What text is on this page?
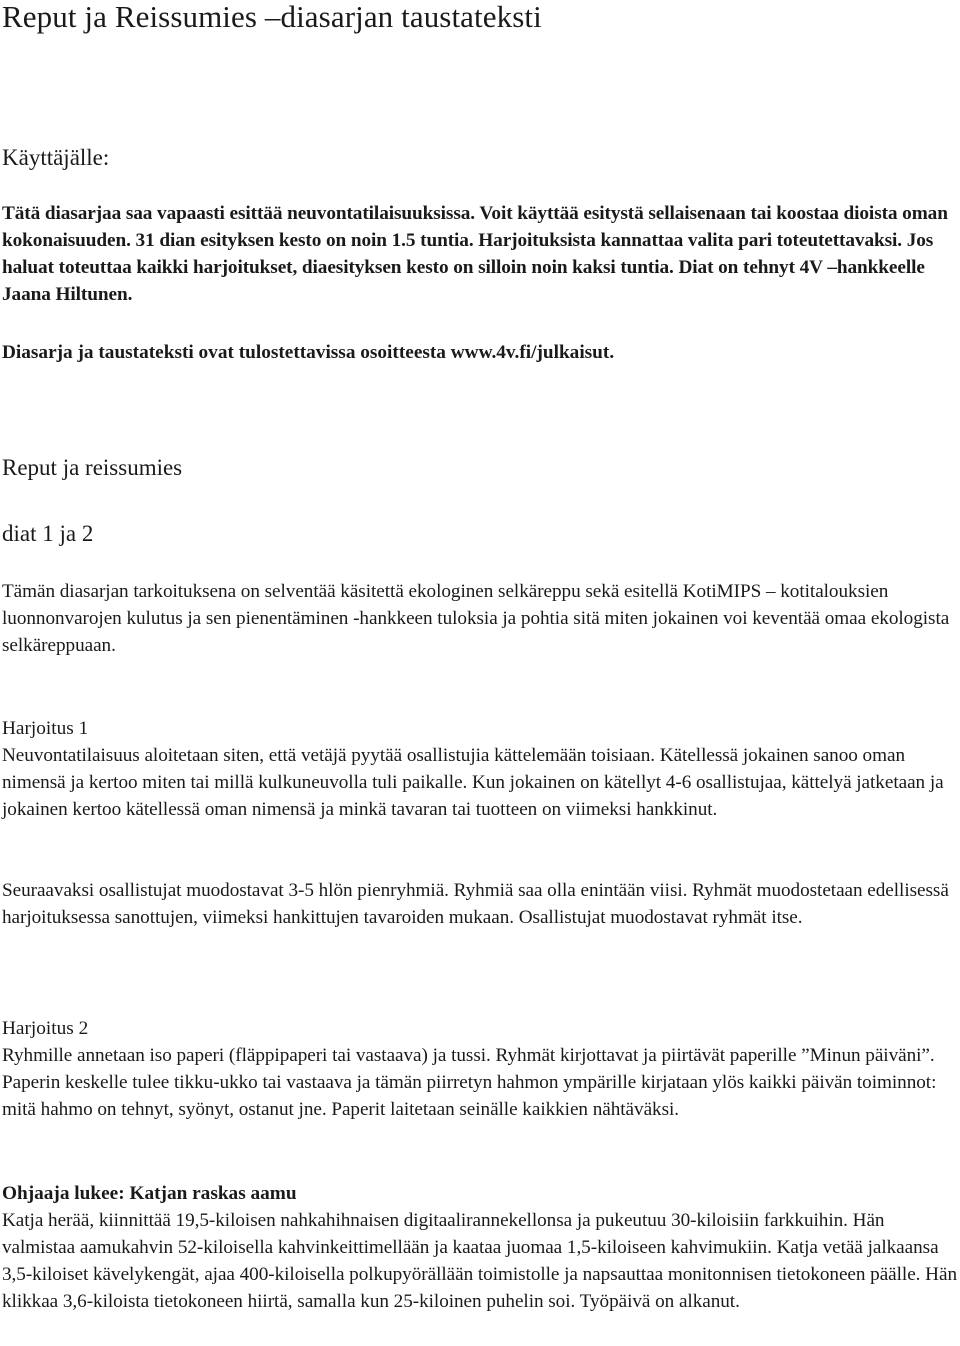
Reput ja Reissumies –diasarjan taustateksti

Käyttäjälle:

Tätä diasarjaa saa vapaasti esittää neuvontatilaisuuksissa. Voit käyttää esitystä sellaisenaan tai koostaa dioista oman kokonaisuuden. 31 dian esityksen kesto on noin 1.5 tuntia. Harjoituksista kannattaa valita pari toteutettavaksi. Jos haluat toteuttaa kaikki harjoitukset, diaesityksen kesto on silloin noin kaksi tuntia. Diat on tehnyt 4V –hankkeelle Jaana Hiltunen.

Diasarja ja taustateksti ovat tulostettavissa osoitteesta www.4v.fi/julkaisut.

Reput ja reissumies
diat 1 ja 2

Tämän diasarjan tarkoituksena on selventää käsitettä ekologinen selkäreppu sekä esitellä KotiMIPS – kotitalouksien luonnonvarojen kulutus ja sen pienentäminen -hankkeen tuloksia ja pohtia sitä miten jokainen voi keventää omaa ekologista selkäreppuaan.

Harjoitus 1

Neuvontatilaisuus aloitetaan siten, että vetäjä pyytää osallistujia kättelemään toisiaan. Kätellessä jokainen sanoo oman nimensä ja kertoo miten tai millä kulkuneuvolla tuli paikalle. Kun jokainen on kätellyt 4-6 osallistujaa, kättelyä jatketaan ja jokainen kertoo kätellessä oman nimensä ja minkä tavaran tai tuotteen on viimeksi hankkinut.

Seuraavaksi osallistujat muodostavat 3-5 hlön pienryhmiä. Ryhmiä saa olla enintään viisi. Ryhmät muodostetaan edellisessä harjoituksessa sanottujen, viimeksi hankittujen tavaroiden mukaan. Osallistujat muodostavat ryhmät itse.

Harjoitus 2

Ryhmille annetaan iso paperi (fläppipaperi tai vastaava) ja tussi. Ryhmät kirjottavat ja piirtävät paperille ”Minun päiväni”. Paperin keskelle tulee tikku-ukko tai vastaava ja tämän piirretyn hahmon ympärille kirjataan ylös kaikki päivän toiminnot: mitä hahmo on tehnyt, syönyt, ostanut jne. Paperit laitetaan seinälle kaikkien nähtäväksi.

Ohjaaja lukee: Katjan raskas aamu

Katja herää, kiinnittää 19,5-kiloisen nahkahihnaisen digitaalirannekellonsa ja pukeutuu 30-kiloisiin farkkuihin. Hän valmistaa aamukahvin 52-kiloisella kahvinkeittimellään ja kaataa juomaa 1,5-kiloiseen kahvimukiin. Katja vetää jalkaansa 3,5-kiloiset kävelykengät, ajaa 400-kiloisella polkupyörällään toimistolle ja napsauttaa monitonnisen tietokoneen päälle. Hän klikkaa 3,6-kiloista tietokoneen hiirtä, samalla kun 25-kiloinen puhelin soi. Työpäivä on alkanut.
